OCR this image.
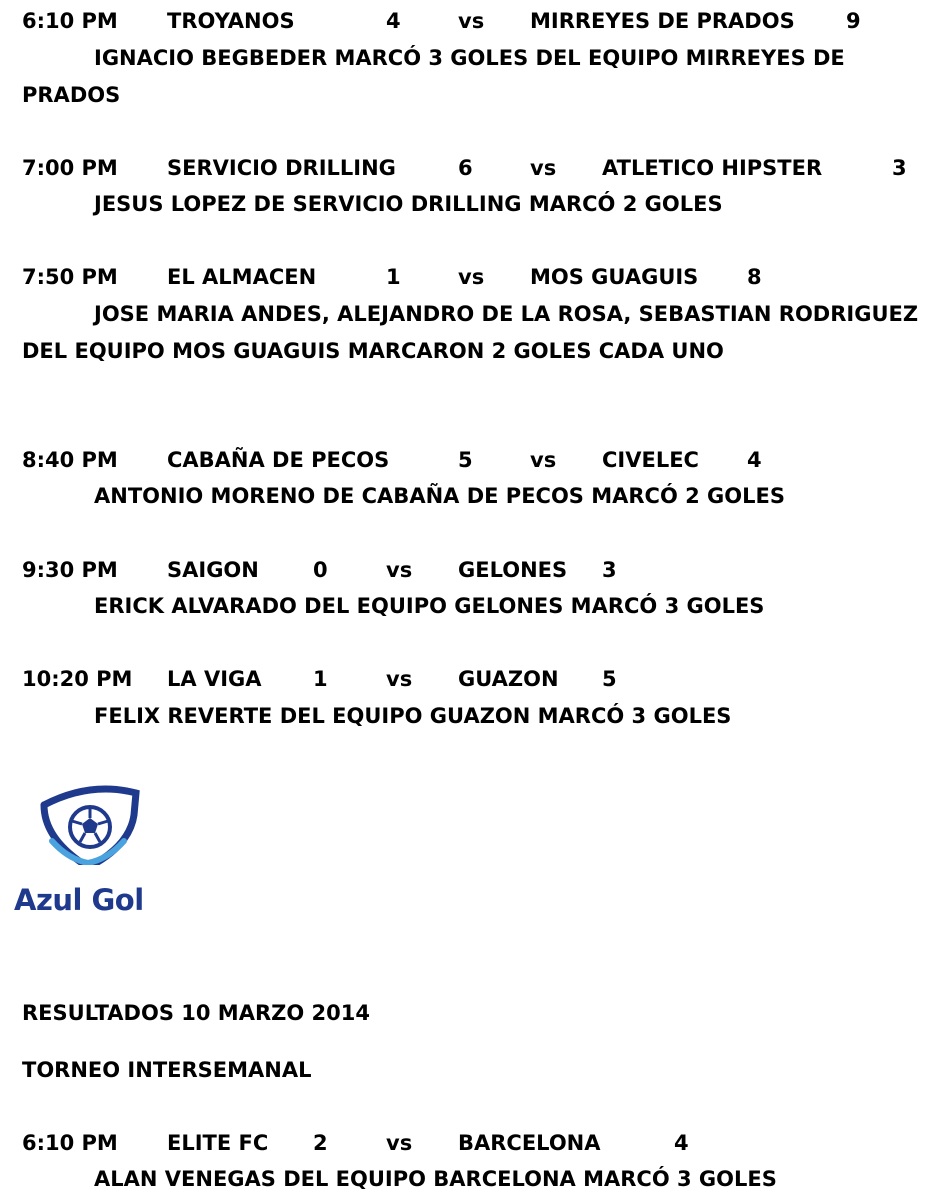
6:10 PM TROYANOS	4	vs MIRREYES DE PRADOS 9
IGNACIO BEGBEDER MARCÓ 3 GOLES DEL EQUIPO MIRREYES DE PRADOS
7:00 PM SERVICIO DRILLING	6	vs ATLETICO HIPSTER	3
JESUS LOPEZ DE SERVICIO DRILLING MARCÓ 2 GOLES
7:50 PM EL ALMACEN	1	vs MOS GUAGUIS 8
JOSE MARIA ANDES, ALEJANDRO DE LA ROSA, SEBASTIAN RODRIGUEZ DEL EQUIPO MOS GUAGUIS MARCARON 2 GOLES CADA UNO
8:40 PM CABAÑA DE PECOS	5	vs CIVELEC 4
ANTONIO MORENO DE CABAÑA DE PECOS MARCÓ 2 GOLES
9:30 PM SAIGON	0	vs GELONES 3
ERICK ALVARADO DEL EQUIPO GELONES MARCÓ 3 GOLES
10:20 PM LA VIGA 1	vs GUAZON 5
FELIX REVERTE DEL EQUIPO GUAZON MARCÓ 3 GOLES
Azul Gol
RESULTADOS 10 MARZO 2014
TORNEO INTERSEMANAL
6:10 PM ELITE FC 2	vs BARCELONA	4
ALAN VENEGAS DEL EQUIPO BARCELONA MARCÓ 3 GOLES
